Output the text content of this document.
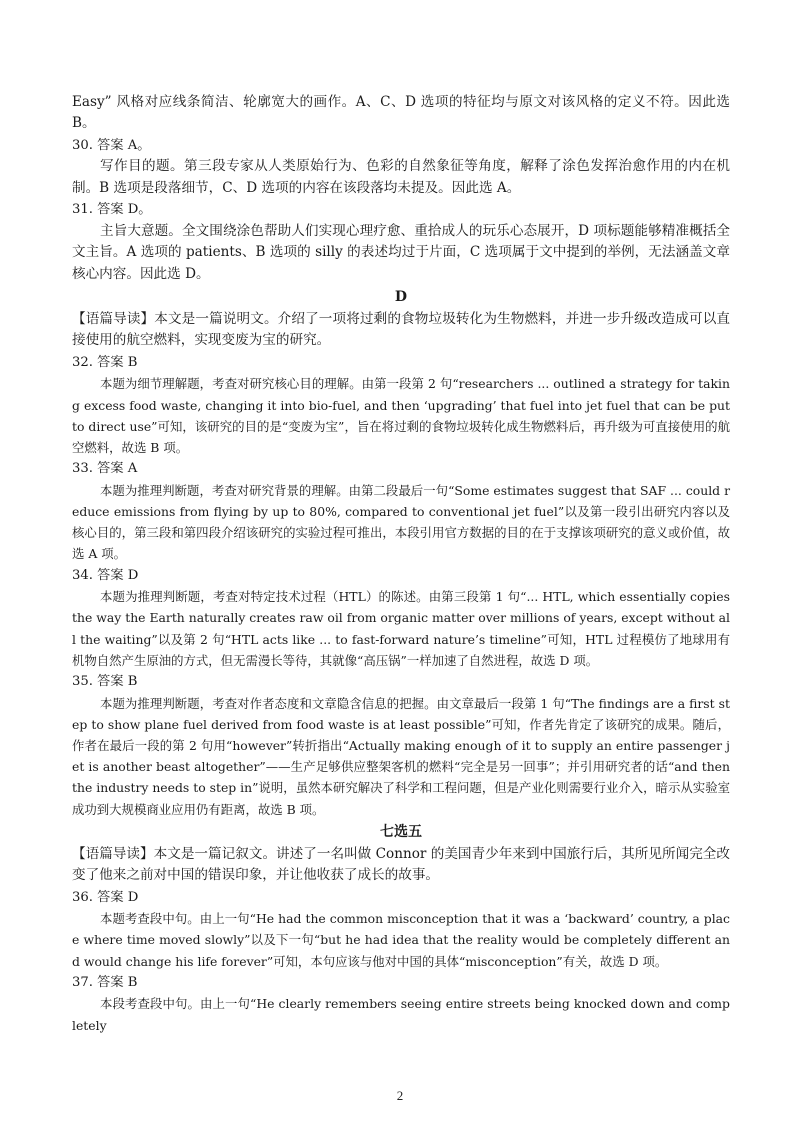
Easy” 风格对应线条简洁、轮廓宽大的画作。A、C、D 选项的特征均与原文对该风格的定义不符。因此选 B。

30. 答案 A。

写作目的题。第三段专家从人类原始行为、色彩的自然象征等角度，解释了涂色发挥治愈作用的内在机制。B 选项是段落细节，C、D 选项的内容在该段落均未提及。因此选 A。

31. 答案 D。

主旨大意题。全文围绕涂色帮助人们实现心理疗愈、重拾成人的玩乐心态展开，D 项标题能够精准概括全文主旨。A 选项的 patients、B 选项的 silly 的表述均过于片面，C 选项属于文中提到的举例，无法涵盖文章核心内容。因此选 D。

D

【语篇导读】本文是一篇说明文。介绍了一项将过剩的食物垃圾转化为生物燃料，并进一步升级改造成可以直接使用的航空燃料，实现变废为宝的研究。

32. 答案 B

本题为细节理解题，考查对研究核心目的理解。由第一段第 2 句“researchers ... outlined a strategy for taking excess food waste, changing it into bio-fuel, and then ‘upgrading’ that fuel into jet fuel that can be put to direct use”可知，该研究的目的是“变废为宝”，旨在将过剩的食物垃圾转化成生物燃料后，再升级为可直接使用的航空燃料，故选 B 项。

33. 答案 A

本题为推理判断题，考查对研究背景的理解。由第二段最后一句“Some estimates suggest that SAF ... could reduce emissions from flying by up to 80%, compared to conventional jet fuel”以及第一段引出研究内容以及核心目的，第三段和第四段介绍该研究的实验过程可推出，本段引用官方数据的目的在于支撑该项研究的意义或价值，故选 A 项。

34. 答案 D

本题为推理判断题，考查对特定技术过程（HTL）的陈述。由第三段第 1 句“... HTL, which essentially copies the way the Earth naturally creates raw oil from organic matter over millions of years, except without all the waiting”以及第 2 句“HTL acts like ... to fast-forward nature’s timeline”可知，HTL 过程模仿了地球用有机物自然产生原油的方式，但无需漫长等待，其就像“高压锅”一样加速了自然进程，故选 D 项。

35. 答案 B

本题为推理判断题，考查对作者态度和文章隐含信息的把握。由文章最后一段第 1 句“The findings are a first step to show plane fuel derived from food waste is at least possible”可知，作者先肯定了该研究的成果。随后，作者在最后一段的第 2 句用“however”转折指出“Actually making enough of it to supply an entire passenger jet is another beast altogether”——生产足够供应整架客机的燃料“完全是另一回事”；并引用研究者的话“and then the industry needs to step in”说明，虽然本研究解决了科学和工程问题，但是产业化则需要行业介入，暗示从实验室成功到大规模商业应用仍有距离，故选 B 项。

七选五

【语篇导读】本文是一篇记叙文。讲述了一名叫做 Connor 的美国青少年来到中国旅行后，其所见所闻完全改变了他来之前对中国的错误印象，并让他收获了成长的故事。

36. 答案 D

本题考查段中句。由上一句“He had the common misconception that it was a ‘backward’ country, a place where time moved slowly”以及下一句“but he had idea that the reality would be completely different and would change his life forever”可知，本句应该与他对中国的具体“misconception”有关，故选 D 项。

37. 答案 B

本段考查段中句。由上一句“He clearly remembers seeing entire streets being knocked down and completely

2
